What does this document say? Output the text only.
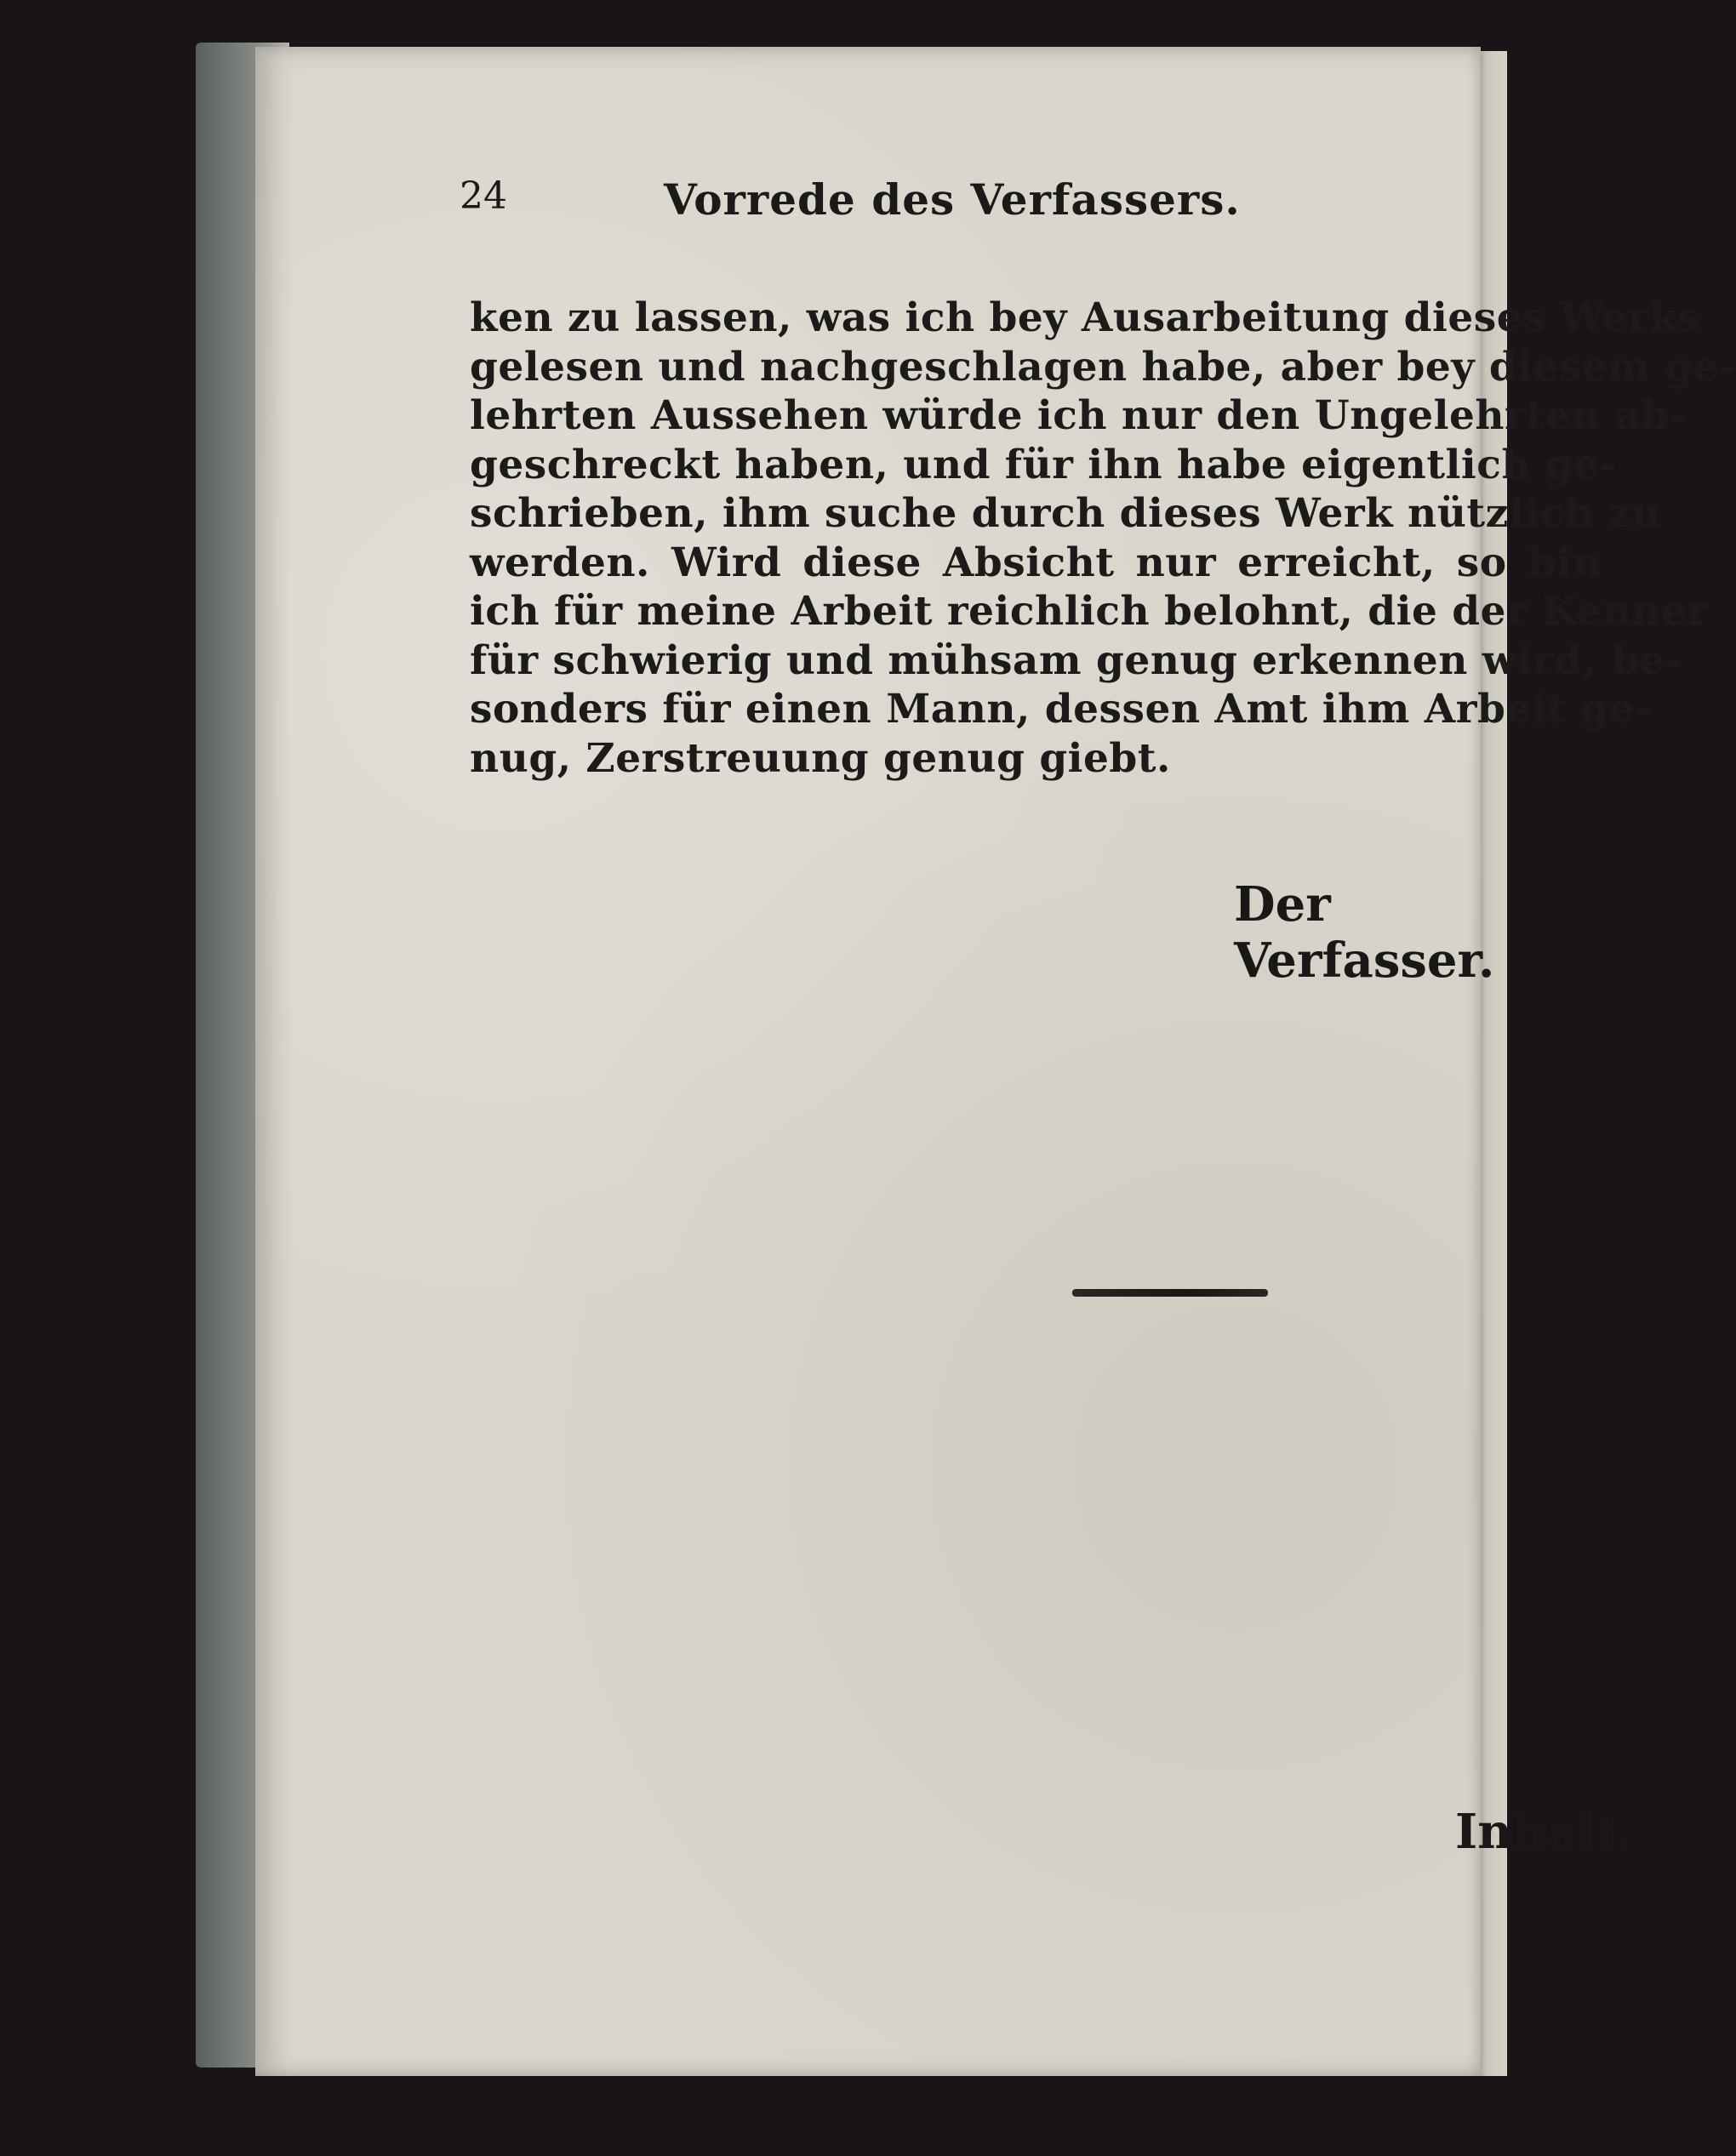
24	Vorrede des Verfassers.
ken zu lassen, was ich bey Ausarbeitung dieses Werks
gelesen und nachgeschlagen habe, aber bey diesem ge-
lehrten Aussehen würde ich nur den Ungelehrten ab-
geschreckt haben, und für ihn habe eigentlich ge-
schrieben, ihm suche durch dieses Werk nützlich zu
werden. Wird diese Absicht nur erreicht, so bin
ich für meine Arbeit reichlich belohnt, die der Kenner
für schwierig und mühsam genug erkennen wird, be-
sonders für einen Mann, dessen Amt ihm Arbeit ge-
nug, Zerstreuung genug giebt.
Der Verfasser.
Inhalt.
